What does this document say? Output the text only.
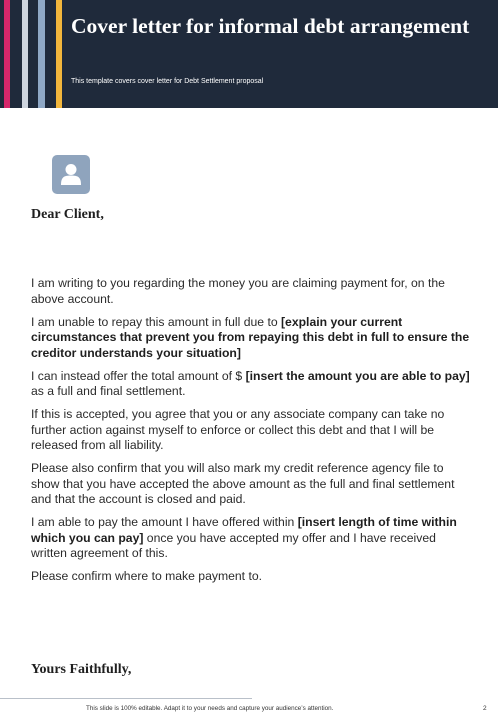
Cover letter for informal debt arrangement

This template covers cover letter for Debt Settlement proposal

Dear Client,

I am writing to you regarding the money you are claiming payment for, on the above account.

I am unable to repay this amount in full due to [explain your current circumstances that prevent you from repaying this debt in full to ensure the creditor understands your situation]

I can instead offer the total amount of $ [insert the amount you are able to pay] as a full and final settlement.

If this is accepted, you agree that you or any associate company can take no further action against myself to enforce or collect this debt and that I will be released from all liability.

Please also confirm that you will also mark my credit reference agency file to show that you have accepted the above amount as the full and final settlement and that the account is closed and paid.

I am able to pay the amount I have offered within [insert length of time within which you can pay] once you have accepted my offer and I have received written agreement of this.

Please confirm where to make payment to.

Yours Faithfully,

This slide is 100% editable. Adapt it to your needs and capture your audience’s attention.	2
